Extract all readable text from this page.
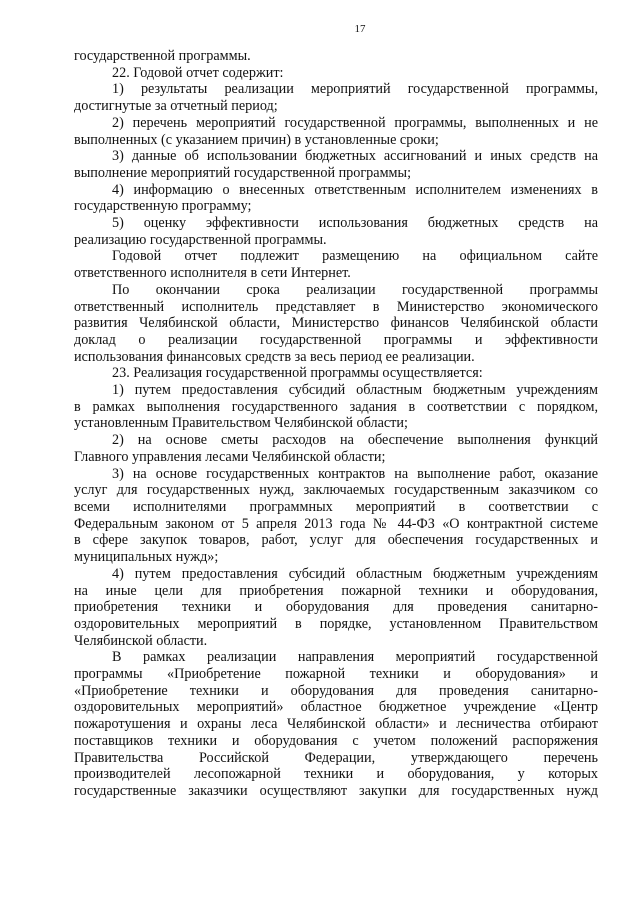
17
государственной программы.
22. Годовой отчет содержит:
1) результаты реализации мероприятий государственной программы,
достигнутые за отчетный период;
2) перечень мероприятий государственной программы, выполненных и не
выполненных (с указанием причин) в установленные сроки;
3) данные об использовании бюджетных ассигнований и иных средств на
выполнение мероприятий государственной программы;
4) информацию о внесенных ответственным исполнителем изменениях в
государственную программу;
5) оценку эффективности использования бюджетных средств на
реализацию государственной программы.
Годовой отчет подлежит размещению на официальном сайте
ответственного исполнителя в сети Интернет.
По окончании срока реализации государственной программы
ответственный исполнитель представляет в Министерство экономического
развития Челябинской области, Министерство финансов Челябинской области
доклад о реализации государственной программы и эффективности
использования финансовых средств за весь период ее реализации.
23. Реализация государственной программы осуществляется:
1) путем предоставления субсидий областным бюджетным учреждениям
в рамках выполнения государственного задания в соответствии с порядком,
установленным Правительством Челябинской области;
2) на основе сметы расходов на обеспечение выполнения функций
Главного управления лесами Челябинской области;
3) на основе государственных контрактов на выполнение работ, оказание
услуг для государственных нужд, заключаемых государственным заказчиком со
всеми исполнителями программных мероприятий в соответствии с
Федеральным законом от 5 апреля 2013 года № 44-ФЗ «О контрактной системе
в сфере закупок товаров, работ, услуг для обеспечения государственных и
муниципальных нужд»;
4) путем предоставления субсидий областным бюджетным учреждениям
на иные цели для приобретения пожарной техники и оборудования,
приобретения техники и оборудования для проведения санитарно-
оздоровительных мероприятий в порядке, установленном Правительством
Челябинской области.
В рамках реализации направления мероприятий государственной
программы «Приобретение пожарной техники и оборудования» и
«Приобретение техники и оборудования для проведения санитарно-
оздоровительных мероприятий» областное бюджетное учреждение «Центр
пожаротушения и охраны леса Челябинской области» и лесничества отбирают
поставщиков техники и оборудования с учетом положений распоряжения
Правительства Российской Федерации, утверждающего перечень
производителей лесопожарной техники и оборудования, у которых
государственные заказчики осуществляют закупки для государственных нужд
